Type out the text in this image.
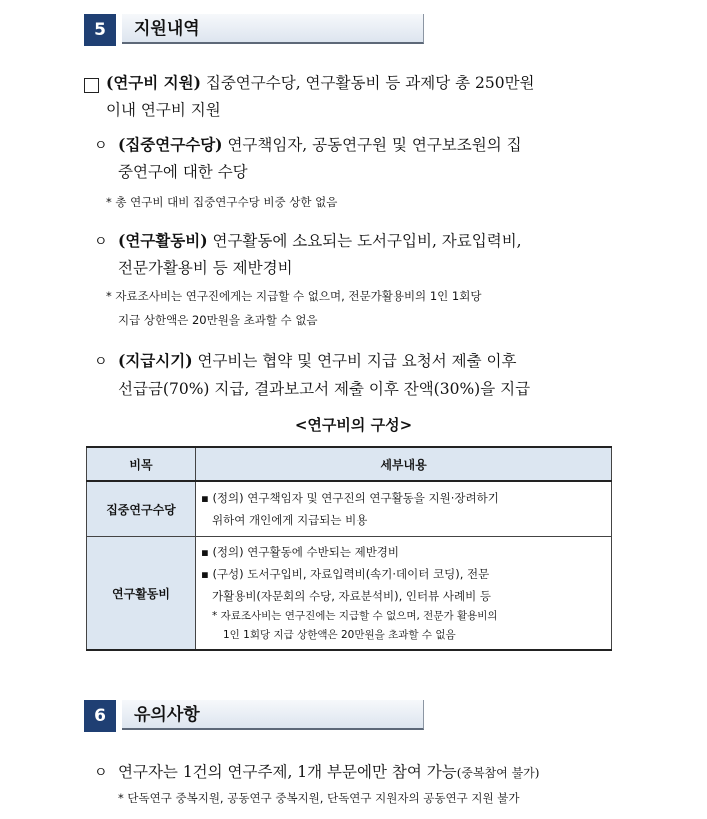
5	지원내역
(연구비 지원) 집중연구수당, 연구활동비 등 과제당 총 250만원
이내 연구비 지원
ㅇ (집중연구수당) 연구책임자, 공동연구원 및 연구보조원의 집
중연구에 대한 수당
* 총 연구비 대비 집중연구수당 비중 상한 없음
ㅇ (연구활동비) 연구활동에 소요되는 도서구입비, 자료입력비,
전문가활용비 등 제반경비
* 자료조사비는 연구진에게는 지급할 수 없으며, 전문가활용비의 1인 1회당
지급 상한액은 20만원을 초과할 수 없음
ㅇ (지급시기) 연구비는 협약 및 연구비 지급 요청서 제출 이후
선급금(70%) 지급, 결과보고서 제출 이후 잔액(30%)을 지급
<연구비의 구성>
비목	세부내용
집중연구수당	▪ (정의) 연구책임자 및 연구진의 연구활동을 지원·장려하기
위하여 개인에게 지급되는 비용

연구활동비	▪ (정의) 연구활동에 수반되는 제반경비
▪ (구성) 도서구입비, 자료입력비(속기·데이터 코딩), 전문
가활용비(자문회의 수당, 자료분석비), 인터뷰 사례비 등
* 자료조사비는 연구진에는 지급할 수 없으며, 전문가 활용비의
1인 1회당 지급 상한액은 20만원을 초과할 수 없음
6	유의사항
ㅇ 연구자는 1건의 연구주제, 1개 부문에만 참여 가능(중복참여 불가)
* 단독연구 중복지원, 공동연구 중복지원, 단독연구 지원자의 공동연구 지원 불가
